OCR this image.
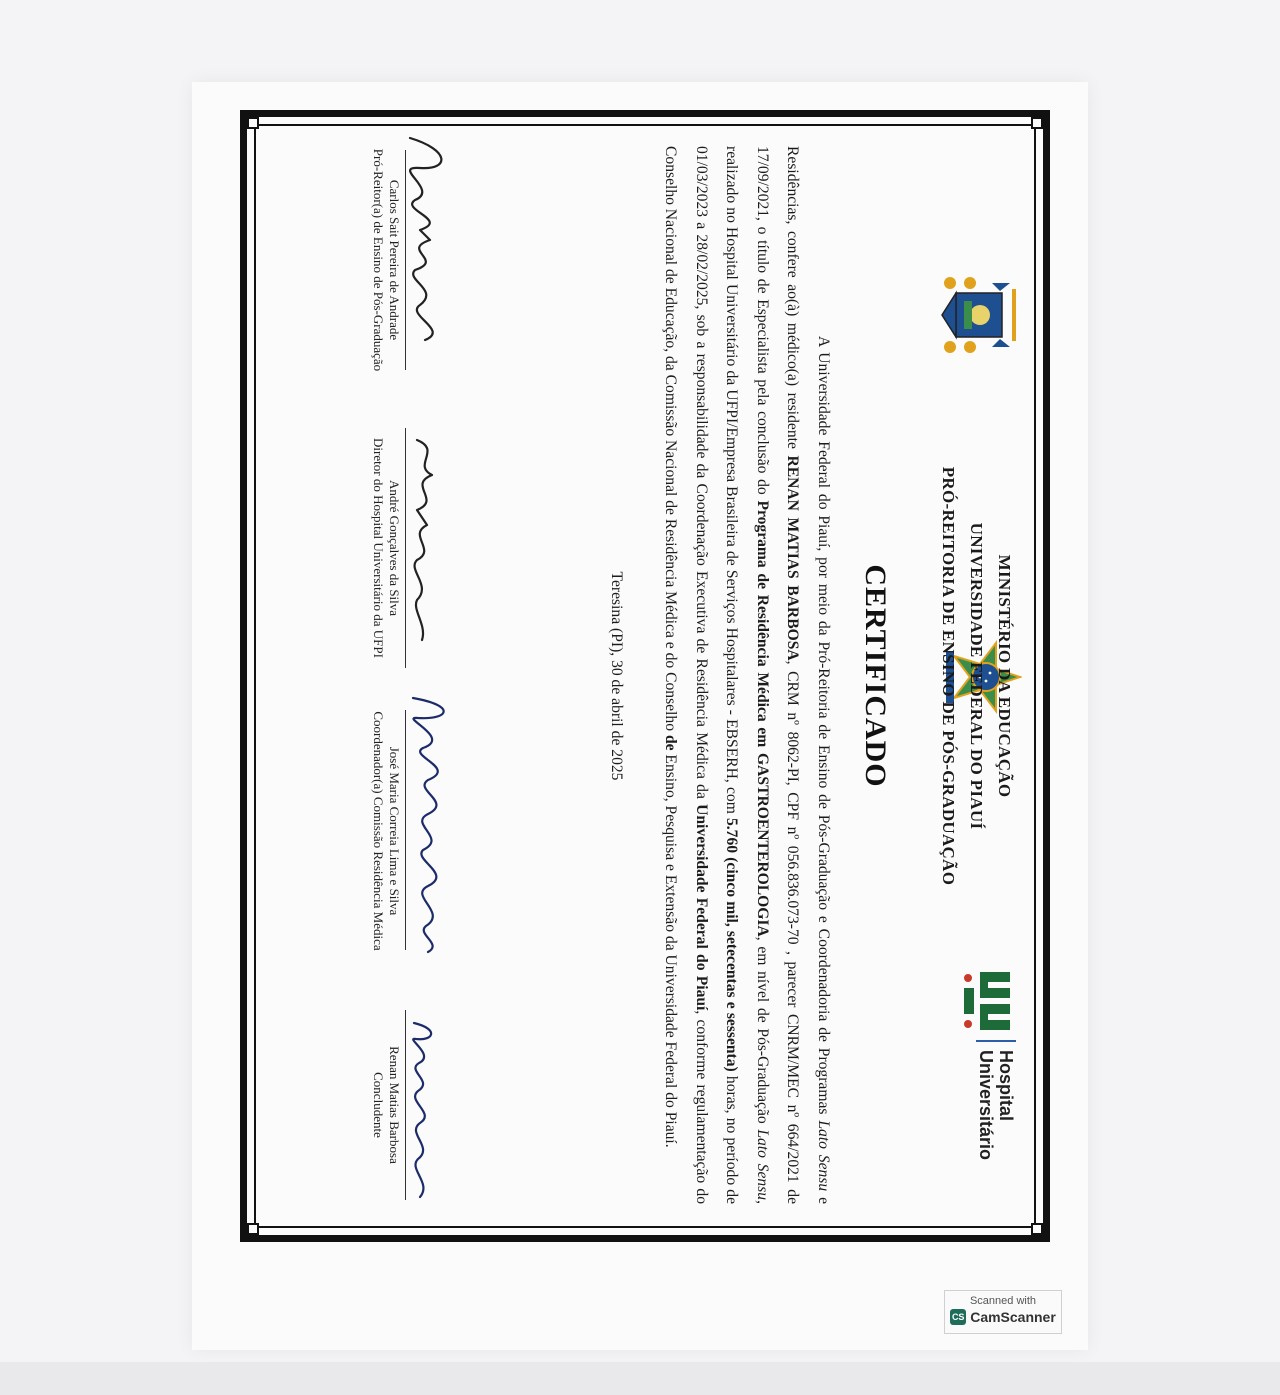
MINISTÉRIO DA EDUCAÇÃO
UNIVERSIDADE FEDERAL DO PIAUÍ
PRÓ-REITORIA DE ENSINO DE PÓS-GRADUAÇÃO
Hospital
Universitário
CERTIFICADO

A Universidade Federal do Piauí, por meio da Pró-Reitoria de Ensino de Pós-Graduação e Coordenadoria de Programas Lato Sensu e Residências, confere ao(à) médico(a) residente RENAN MATIAS BARBOSA, CRM nº 8062-PI, CPF nº 056.836.073-70 , parecer CNRM/MEC nº 664/2021 de 17/09/2021, o título de Especialista pela conclusão do Programa de Residência Médica em GASTROENTEROLOGIA, em nível de Pós-Graduação Lato Sensu, realizado no Hospital Universitário da UFPI/Empresa Brasileira de Serviços Hospitalares - EBSERH, com 5.760 (cinco mil, setecentas e sessenta) horas, no período de 01/03/2023 a 28/02/2025, sob a responsabilidade da Coordenação Executiva de Residência Médica da Universidade Federal do Piauí, conforme regulamentação do Conselho Nacional de Educação, da Comissão Nacional de Residência Médica e do Conselho de Ensino, Pesquisa e Extensão da Universidade Federal do Piauí.

Teresina (PI), 30 de abril de 2025
Carlos Sait Pereira de Andrade
Pró-Reitor(a) de Ensino de Pós-Graduação
André Gonçalves da Silva
Diretor do Hospital Universitário da UFPI
José Maria Correia Lima e Silva
Coordenador(a) Comissão Residência Médica
Renan Matias Barbosa
Concludente
Scanned with
CS CamScanner
